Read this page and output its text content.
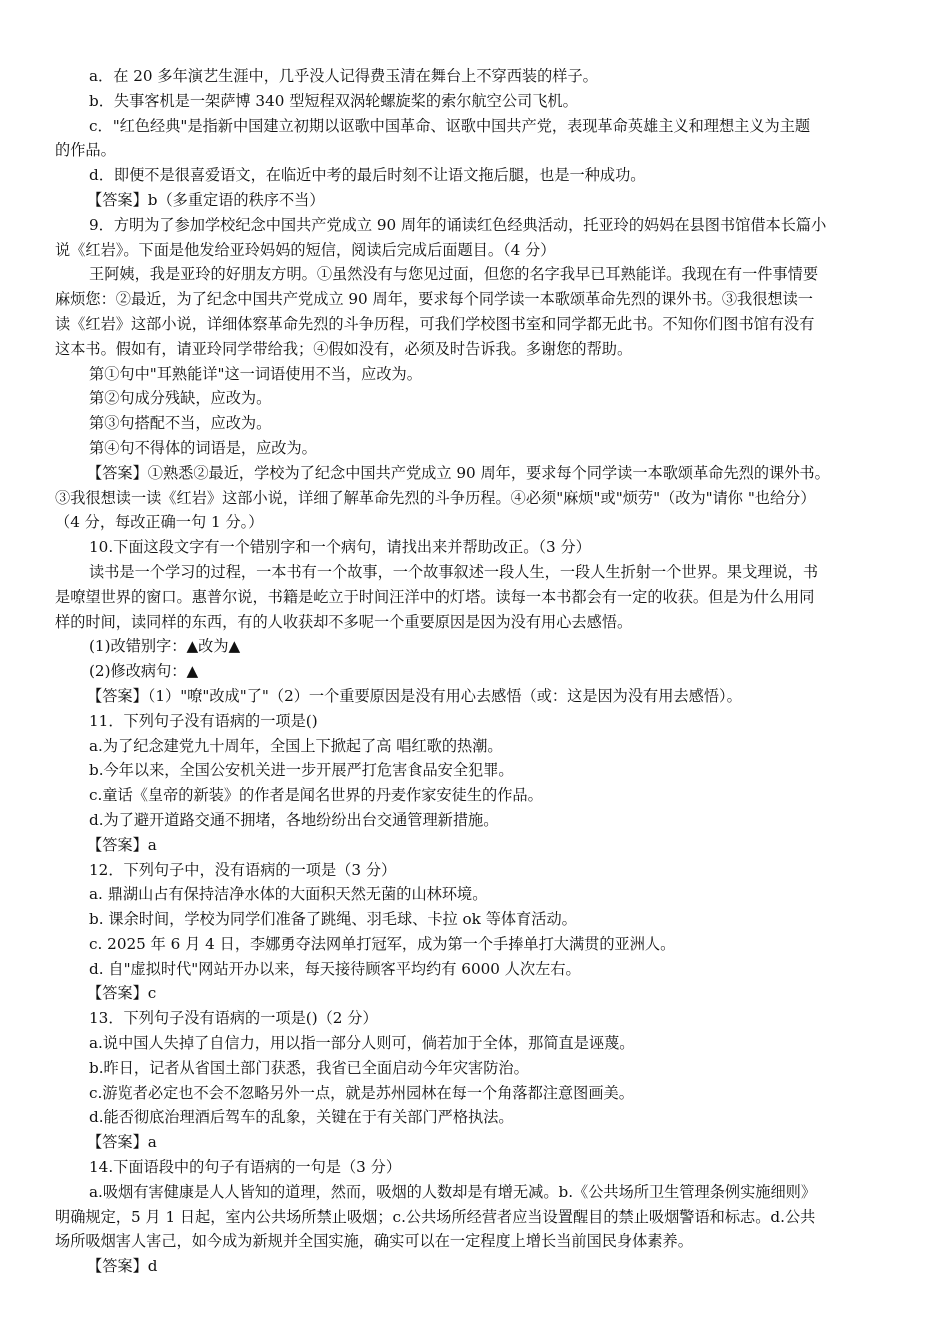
a．在 20 多年演艺生涯中，几乎没人记得费玉清在舞台上不穿西装的样子。

b．失事客机是一架萨博 340 型短程双涡轮螺旋桨的索尔航空公司飞机。

c．"红色经典"是指新中国建立初期以讴歌中国革命、讴歌中国共产党，表现革命英雄主义和理想主义为主题

的作品。

d．即便不是很喜爱语文，在临近中考的最后时刻不让语文拖后腿，也是一种成功。

【答案】b（多重定语的秩序不当）

9．方明为了参加学校纪念中国共产党成立 90 周年的诵读红色经典活动，托亚玲的妈妈在县图书馆借本长篇小

说《红岩》。下面是他发给亚玲妈妈的短信，阅读后完成后面题目。（4 分）

王阿姨，我是亚玲的好朋友方明。①虽然没有与您见过面，但您的名字我早已耳熟能详。我现在有一件事情要

麻烦您：②最近，为了纪念中国共产党成立 90 周年，要求每个同学读一本歌颂革命先烈的课外书。③我很想读一

读《红岩》这部小说，详细体察革命先烈的斗争历程，可我们学校图书室和同学都无此书。不知你们图书馆有没有

这本书。假如有，请亚玲同学带给我；④假如没有，必须及时告诉我。多谢您的帮助。

第①句中"耳熟能详"这一词语使用不当，应改为。

第②句成分残缺，应改为。

第③句搭配不当，应改为。

第④句不得体的词语是，应改为。

【答案】①熟悉②最近，学校为了纪念中国共产党成立 90 周年，要求每个同学读一本歌颂革命先烈的课外书。

③我很想读一读《红岩》这部小说，详细了解革命先烈的斗争历程。④必须"麻烦"或"烦劳"（改为"请你 "也给分）

（4 分，每改正确一句 1 分。）

10.下面这段文字有一个错别字和一个病句，请找出来并帮助改正。（3 分）

读书是一个学习的过程，一本书有一个故事，一个故事叙述一段人生，一段人生折射一个世界。果戈理说，书

是嘹望世界的窗口。惠普尔说，书籍是屹立于时间汪洋中的灯塔。读每一本书都会有一定的收获。但是为什么用同

样的时间，读同样的东西，有的人收获却不多呢一个重要原因是因为没有用心去感悟。

(1)改错别字：▲改为▲

(2)修改病句：▲

【答案】（1）"嘹"改成"了"（2）一个重要原因是没有用心去感悟（或：这是因为没有用去感悟）。

11．下列句子没有语病的一项是()

a.为了纪念建党九十周年，全国上下掀起了高 唱红歌的热潮。

b.今年以来，全国公安机关进一步开展严打危害食品安全犯罪。

c.童话《皇帝的新装》的作者是闻名世界的丹麦作家安徒生的作品。

d.为了避开道路交通不拥堵，各地纷纷出台交通管理新措施。

【答案】a

12．下列句子中，没有语病的一项是（3 分）

a. 鼎湖山占有保持洁净水体的大面积天然无菌的山林环境。

b. 课余时间，学校为同学们准备了跳绳、羽毛球、卡拉 ok 等体育活动。

c. 2025 年 6 月 4 日，李娜勇夺法网单打冠军，成为第一个手捧单打大满贯的亚洲人。

d. 自"虚拟时代"网站开办以来，每天接待顾客平均约有 6000 人次左右。

【答案】c

13．下列句子没有语病的一项是()（2 分）

a.说中国人失掉了自信力，用以指一部分人则可，倘若加于全体，那简直是诬蔑。

b.昨日，记者从省国土部门获悉，我省已全面启动今年灾害防治。

c.游览者必定也不会不忽略另外一点，就是苏州园林在每一个角落都注意图画美。

d.能否彻底治理酒后驾车的乱象，关键在于有关部门严格执法。

【答案】a

14.下面语段中的句子有语病的一句是（3 分）

a.吸烟有害健康是人人皆知的道理，然而，吸烟的人数却是有增无减。b.《公共场所卫生管理条例实施细则》

明确规定，5 月 1 日起，室内公共场所禁止吸烟；c.公共场所经营者应当设置醒目的禁止吸烟警语和标志。d.公共

场所吸烟害人害己，如今成为新规并全国实施，确实可以在一定程度上增长当前国民身体素养。

【答案】d
